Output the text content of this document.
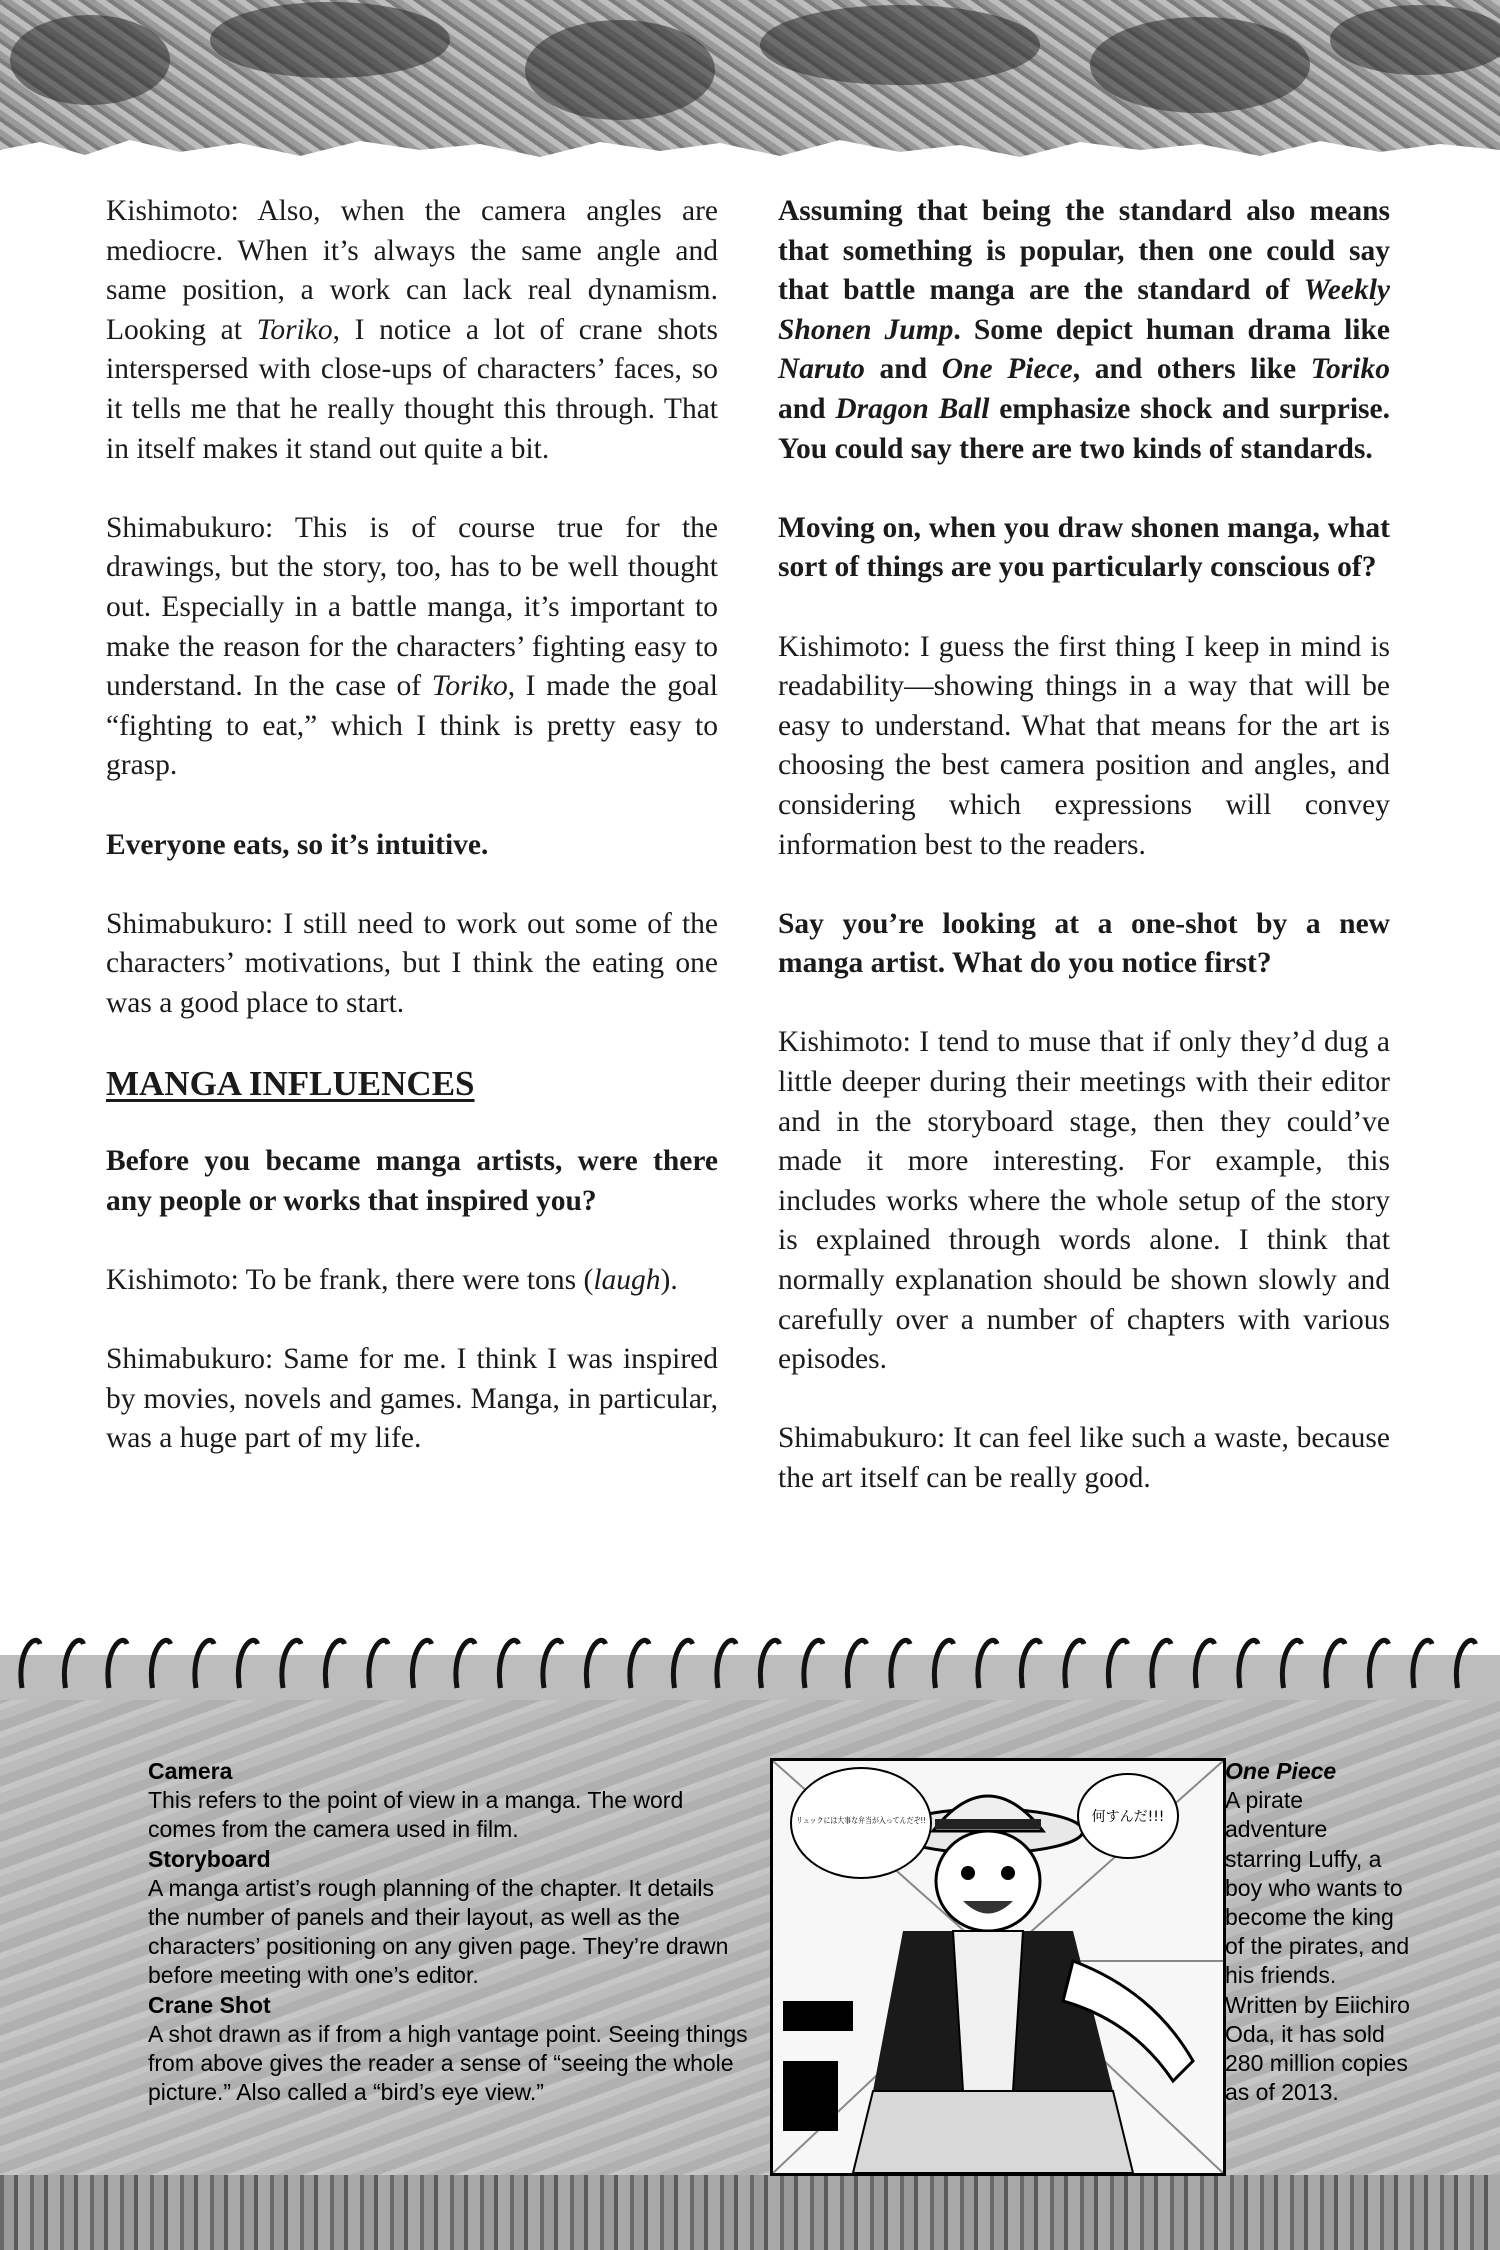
Kishimoto: Also, when the camera angles are mediocre. When it’s always the same angle and same position, a work can lack real dynamism. Looking at Toriko, I notice a lot of crane shots interspersed with close-ups of characters’ faces, so it tells me that he really thought this through. That in itself makes it stand out quite a bit.

Shimabukuro: This is of course true for the drawings, but the story, too, has to be well thought out. Especially in a battle manga, it’s important to make the reason for the characters’ fighting easy to understand. In the case of Toriko, I made the goal “fighting to eat,” which I think is pretty easy to grasp.

Everyone eats, so it’s intuitive.

Shimabukuro: I still need to work out some of the characters’ motivations, but I think the eating one was a good place to start.

MANGA INFLUENCES

Before you became manga artists, were there any people or works that inspired you?

Kishimoto: To be frank, there were tons (laugh).

Shimabukuro: Same for me. I think I was inspired by movies, novels and games. Manga, in particular, was a huge part of my life.

Assuming that being the standard also means that something is popular, then one could say that battle manga are the standard of Weekly Shonen Jump. Some depict human drama like Naruto and One Piece, and others like Toriko and Dragon Ball emphasize shock and surprise. You could say there are two kinds of standards.

Moving on, when you draw shonen manga, what sort of things are you particularly conscious of?

Kishimoto: I guess the first thing I keep in mind is readability—showing things in a way that will be easy to understand. What that means for the art is choosing the best camera position and angles, and considering which expressions will convey information best to the readers.

Say you’re looking at a one-shot by a new manga artist. What do you notice first?

Kishimoto: I tend to muse that if only they’d dug a little deeper during their meetings with their editor and in the storyboard stage, then they could’ve made it more interesting. For example, this includes works where the whole setup of the story is explained through words alone. I think that normally explanation should be shown slowly and carefully over a number of chapters with various episodes.

Shimabukuro: It can feel like such a waste, because the art itself can be really good.

Camera
This refers to the point of view in a manga. The word comes from the camera used in film.
Storyboard
A manga artist’s rough planning of the chapter. It details the number of panels and their layout, as well as the characters’ positioning on any given page. They’re drawn before meeting with one’s editor.
Crane Shot
A shot drawn as if from a high vantage point. Seeing things from above gives the reader a sense of “seeing the whole picture.” Also called a “bird’s eye view.”
リュックには大事な弁当が入ってんだぞ!!	何すんだ!!!
One Piece
A pirate adventure starring Luffy, a boy who wants to become the king of the pirates, and his friends. Written by Eiichiro Oda, it has sold 280 million copies as of 2013.
